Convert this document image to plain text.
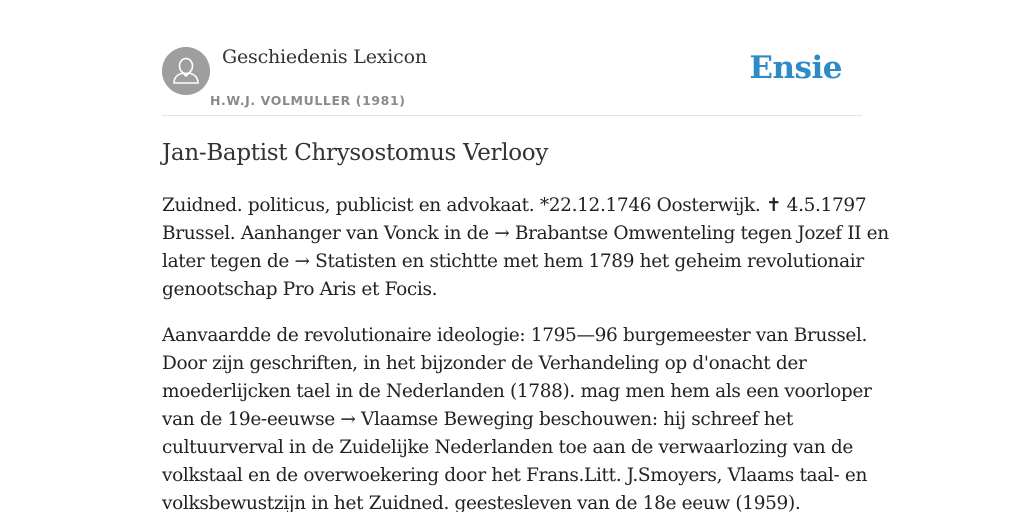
Geschiedenis Lexicon
H.W.J. VOLMULLER (1981)
Ensie
Jan-Baptist Chrysostomus Verlooy

Zuidned. politicus, publicist en advokaat. *22.12.1746 Oosterwijk. ✝ 4.5.1797
Brussel. Aanhanger van Vonck in de → Brabantse Omwenteling tegen Jozef II en
later tegen de → Statisten en stichtte met hem 1789 het geheim revolutionair
genootschap Pro Aris et Focis.

Aanvaardde de revolutionaire ideologie: 1795—96 burgemeester van Brussel.
Door zijn geschriften, in het bijzonder de Verhandeling op d'onacht der
moederlijcken tael in de Nederlanden (1788). mag men hem als een voorloper
van de 19e-eeuwse → Vlaamse Beweging beschouwen: hij schreef het
cultuurverval in de Zuidelijke Nederlanden toe aan de verwaarlozing van de
volkstaal en de overwoekering door het Frans.Litt. J.Smoyers, Vlaams taal- en
volksbewustzijn in het Zuidned. geestesleven van de 18e eeuw (1959).
